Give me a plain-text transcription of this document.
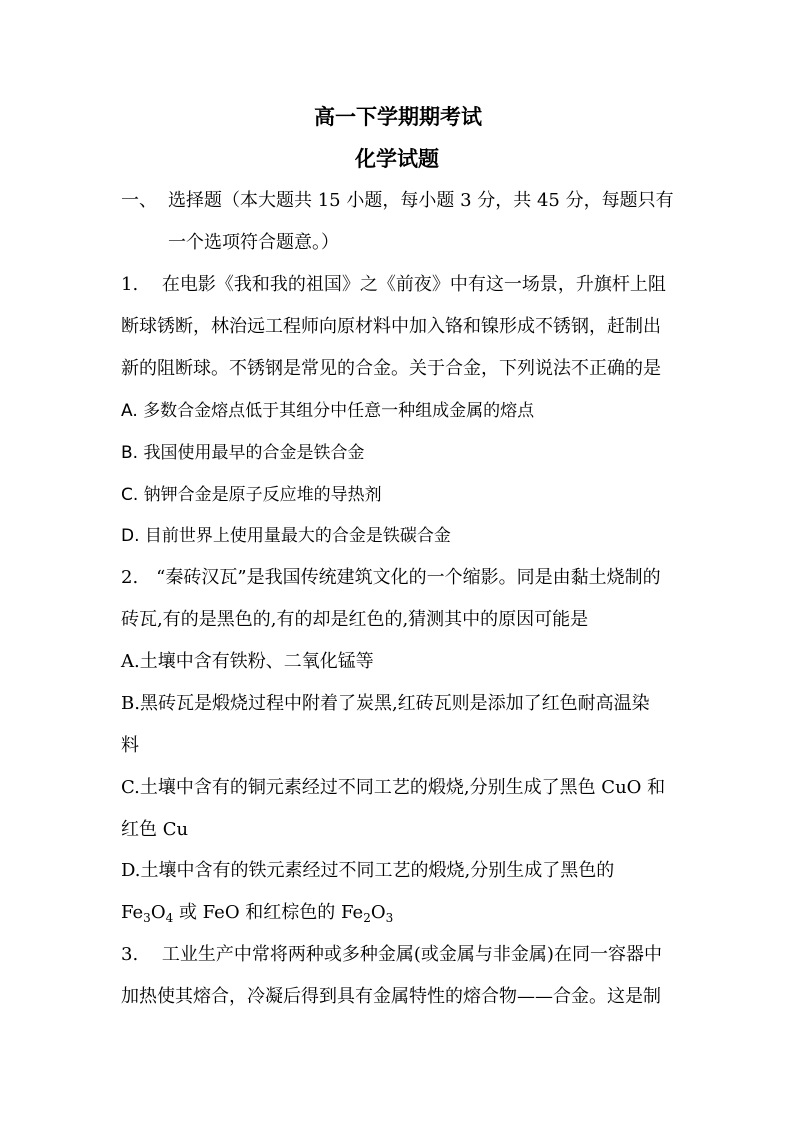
高一下学期期考试
化学试题
一、 选择题（本大题共 15 小题，每小题 3 分，共 45 分，每题只有
一个选项符合题意。）
1.　 在电影《我和我的祖国》之《前夜》中有这一场景，升旗杆上阻
断球锈断，林治远工程师向原材料中加入铬和镍形成不锈钢，赶制出
新的阻断球。不锈钢是常见的合金。关于合金，下列说法不正确的是
A. 多数合金熔点低于其组分中任意一种组成金属的熔点
B. 我国使用最早的合金是铁合金
C. 钠钾合金是原子反应堆的导热剂
D. 目前世界上使用量最大的合金是铁碳合金
2.　“秦砖汉瓦”是我国传统建筑文化的一个缩影。同是由黏土烧制的
砖瓦,有的是黑色的,有的却是红色的,猜测其中的原因可能是
A.土壤中含有铁粉、二氧化锰等
B.黑砖瓦是煅烧过程中附着了炭黑,红砖瓦则是添加了红色耐高温染
料
C.土壤中含有的铜元素经过不同工艺的煅烧,分别生成了黑色 CuO 和
红色 Cu
D.土壤中含有的铁元素经过不同工艺的煅烧,分别生成了黑色的
$Fe_3O_4$ 或 FeO 和红棕色的 $Fe_2O_3$
3.　 工业生产中常将两种或多种金属(或金属与非金属)在同一容器中
加热使其熔合，冷凝后得到具有金属特性的熔合物——合金。这是制
